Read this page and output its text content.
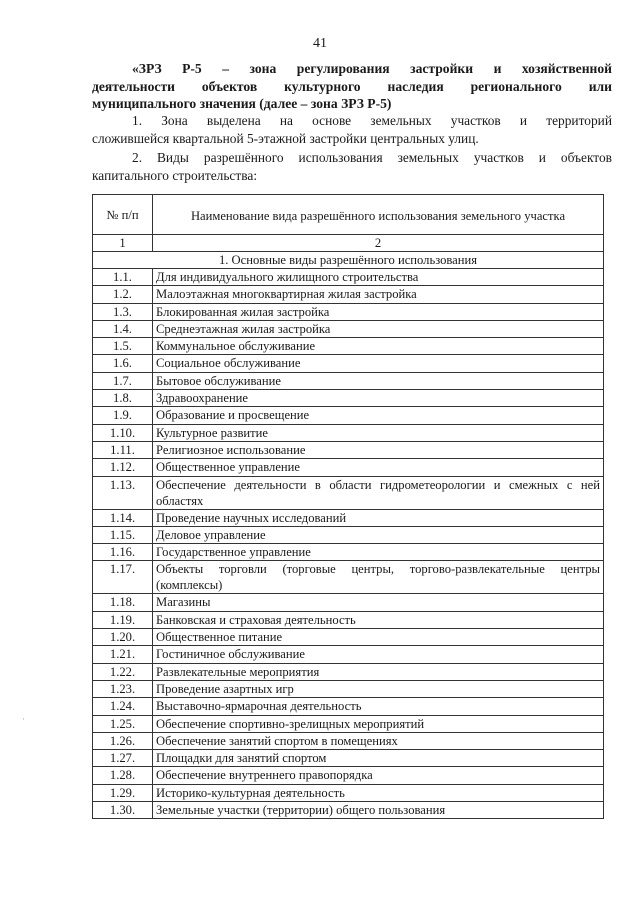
41
«ЗРЗ Р-5 – зона регулирования застройки и хозяйственной
деятельности объектов культурного наследия регионального или
муниципального значения (далее – зона ЗРЗ Р-5)
1. Зона выделена на основе земельных участков и территорий
сложившейся квартальной 5-этажной застройки центральных улиц.
2. Виды разрешённого использования земельных участков и объектов
капитального строительства:
№ п/п	Наименование вида разрешённого использования земельного участка
1	2
1. Основные виды разрешённого использования	
1.1.	Для индивидуального жилищного строительства
1.2.	Малоэтажная многоквартирная жилая застройка
1.3.	Блокированная жилая застройка
1.4.	Среднеэтажная жилая застройка
1.5.	Коммунальное обслуживание
1.6.	Социальное обслуживание
1.7.	Бытовое обслуживание
1.8.	Здравоохранение
1.9.	Образование и просвещение
1.10.	Культурное развитие
1.11.	Религиозное использование
1.12.	Общественное управление
1.13.	Обеспечение деятельности в области гидрометеорологии и смежных с ней областях
1.14.	Проведение научных исследований
1.15.	Деловое управление
1.16.	Государственное управление
1.17.	Объекты торговли (торговые центры, торгово-развлекательные центры (комплексы)
1.18.	Магазины
1.19.	Банковская и страховая деятельность
1.20.	Общественное питание
1.21.	Гостиничное обслуживание
1.22.	Развлекательные мероприятия
1.23.	Проведение азартных игр
1.24.	Выставочно-ярмарочная деятельность
1.25.	Обеспечение спортивно-зрелищных мероприятий
1.26.	Обеспечение занятий спортом в помещениях
1.27.	Площадки для занятий спортом
1.28.	Обеспечение внутреннего правопорядка
1.29.	Историко-культурная деятельность
1.30.	Земельные участки (территории) общего пользования
·
